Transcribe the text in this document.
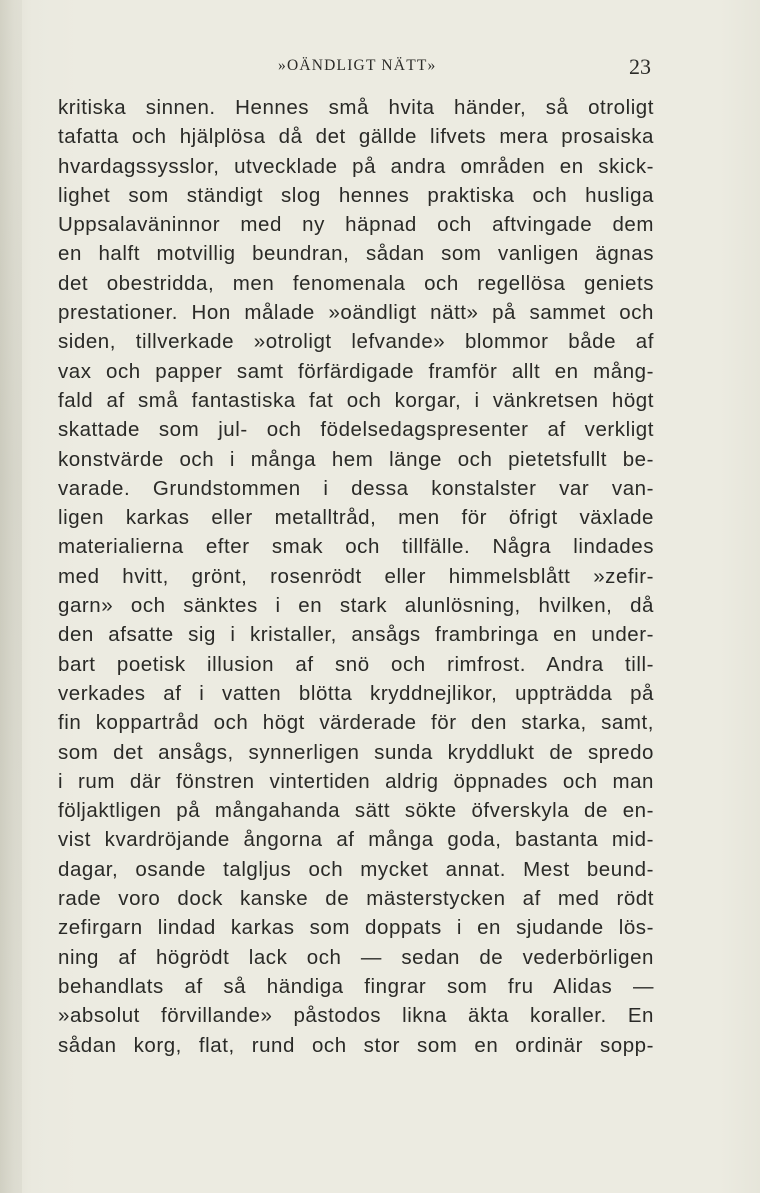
»OÄNDLIGT NÄTT»	23
kritiska sinnen. Hennes små hvita händer, så otroligt
tafatta och hjälplösa då det gällde lifvets mera prosaiska
hvardagssysslor, utvecklade på andra områden en skick-
lighet som ständigt slog hennes praktiska och husliga
Uppsalaväninnor med ny häpnad och aftvingade dem
en halft motvillig beundran, sådan som vanligen ägnas
det obestridda, men fenomenala och regellösa geniets
prestationer. Hon målade »oändligt nätt» på sammet och
siden, tillverkade »otroligt lefvande» blommor både af
vax och papper samt förfärdigade framför allt en mång-
fald af små fantastiska fat och korgar, i vänkretsen högt
skattade som jul- och födelsedagspresenter af verkligt
konstvärde och i många hem länge och pietetsfullt be-
varade. Grundstommen i dessa konstalster var van-
ligen karkas eller metalltråd, men för öfrigt växlade
materialierna efter smak och tillfälle. Några lindades
med hvitt, grönt, rosenrödt eller himmelsblått »zefir-
garn» och sänktes i en stark alunlösning, hvilken, då
den afsatte sig i kristaller, ansågs frambringa en under-
bart poetisk illusion af snö och rimfrost. Andra till-
verkades af i vatten blötta kryddnejlikor, uppträdda på
fin koppartråd och högt värderade för den starka, samt,
som det ansågs, synnerligen sunda kryddlukt de spredo
i rum där fönstren vintertiden aldrig öppnades och man
följaktligen på mångahanda sätt sökte öfverskyla de en-
vist kvardröjande ångorna af många goda, bastanta mid-
dagar, osande talgljus och mycket annat. Mest beund-
rade voro dock kanske de mästerstycken af med rödt
zefirgarn lindad karkas som doppats i en sjudande lös-
ning af högrödt lack och — sedan de vederbörligen
behandlats af så händiga fingrar som fru Alidas —
»absolut förvillande» påstodos likna äkta koraller. En
sådan korg, flat, rund och stor som en ordinär sopp-
